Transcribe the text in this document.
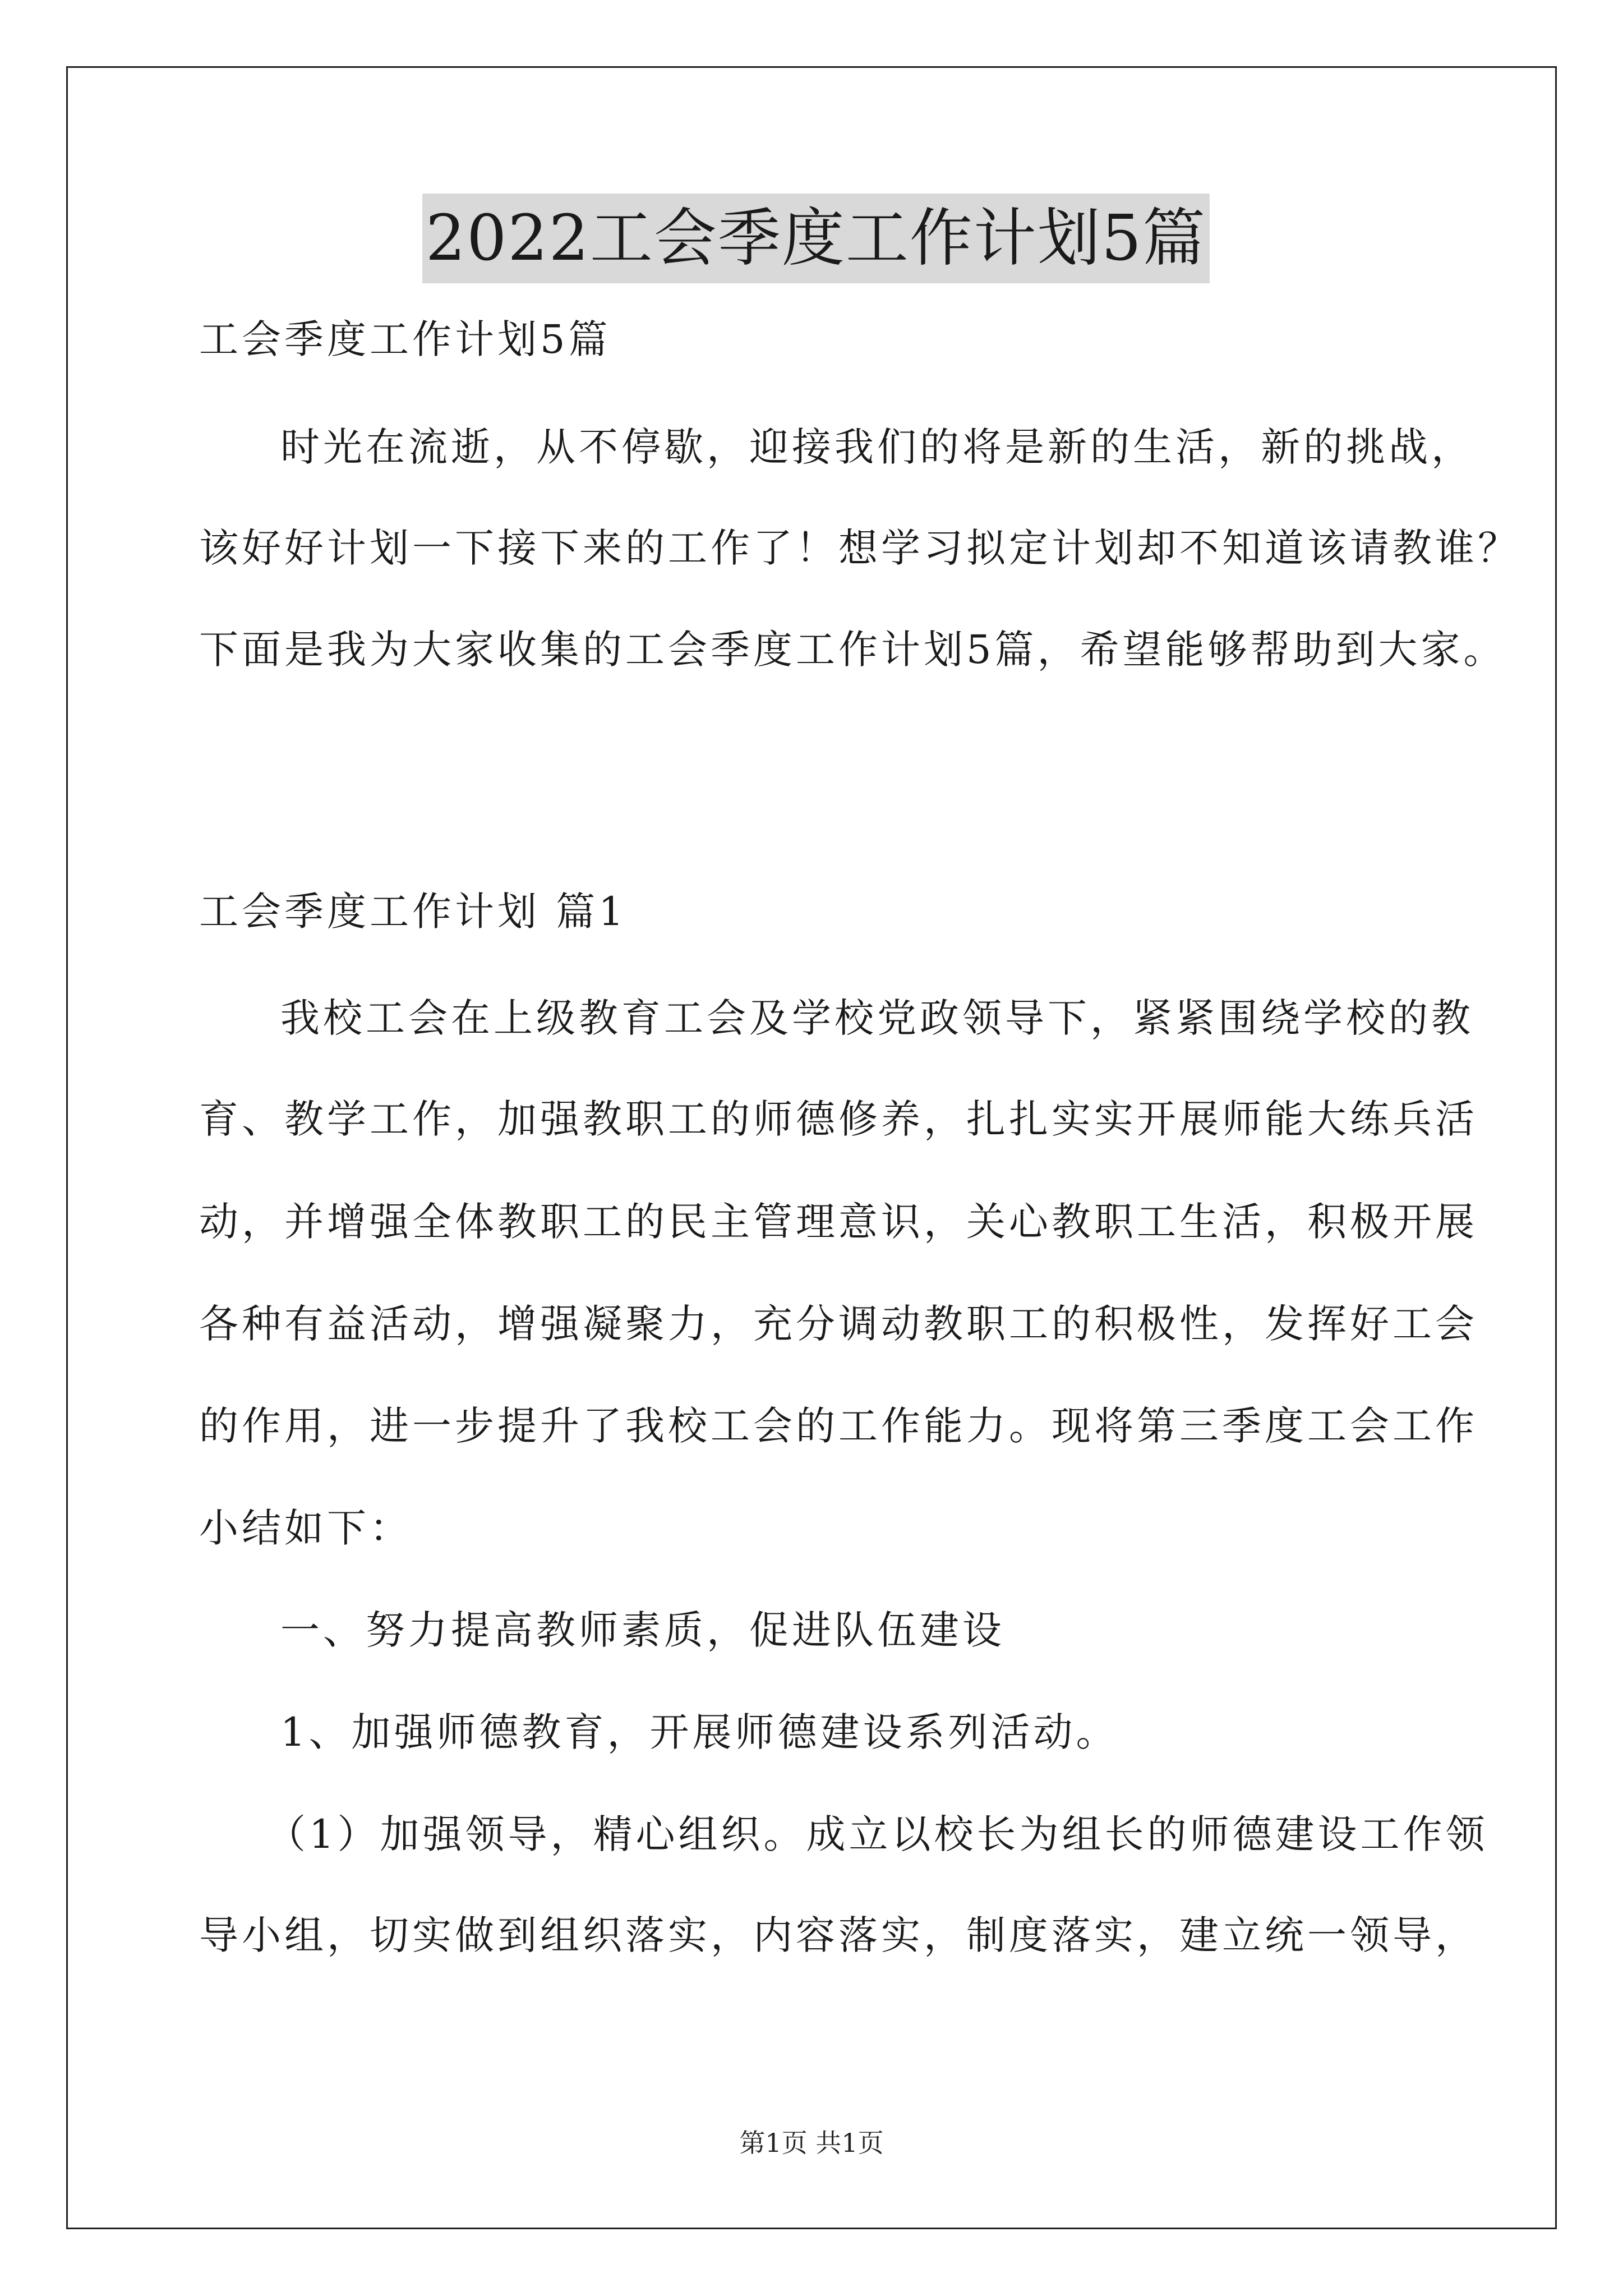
2022工会季度工作计划5篇
工会季度工作计划5篇
时光在流逝，从不停歇，迎接我们的将是新的生活，新的挑战，
该好好计划一下接下来的工作了！想学习拟定计划却不知道该请教谁？
下面是我为大家收集的工会季度工作计划5篇，希望能够帮助到大家。
工会季度工作计划 篇1
我校工会在上级教育工会及学校党政领导下，紧紧围绕学校的教
育、教学工作，加强教职工的师德修养，扎扎实实开展师能大练兵活
动，并增强全体教职工的民主管理意识，关心教职工生活，积极开展
各种有益活动，增强凝聚力，充分调动教职工的积极性，发挥好工会
的作用，进一步提升了我校工会的工作能力。现将第三季度工会工作
小结如下：
一、努力提高教师素质，促进队伍建设
1、加强师德教育，开展师德建设系列活动。
（1）加强领导，精心组织。成立以校长为组长的师德建设工作领
导小组，切实做到组织落实，内容落实，制度落实，建立统一领导，
第1页 共1页
